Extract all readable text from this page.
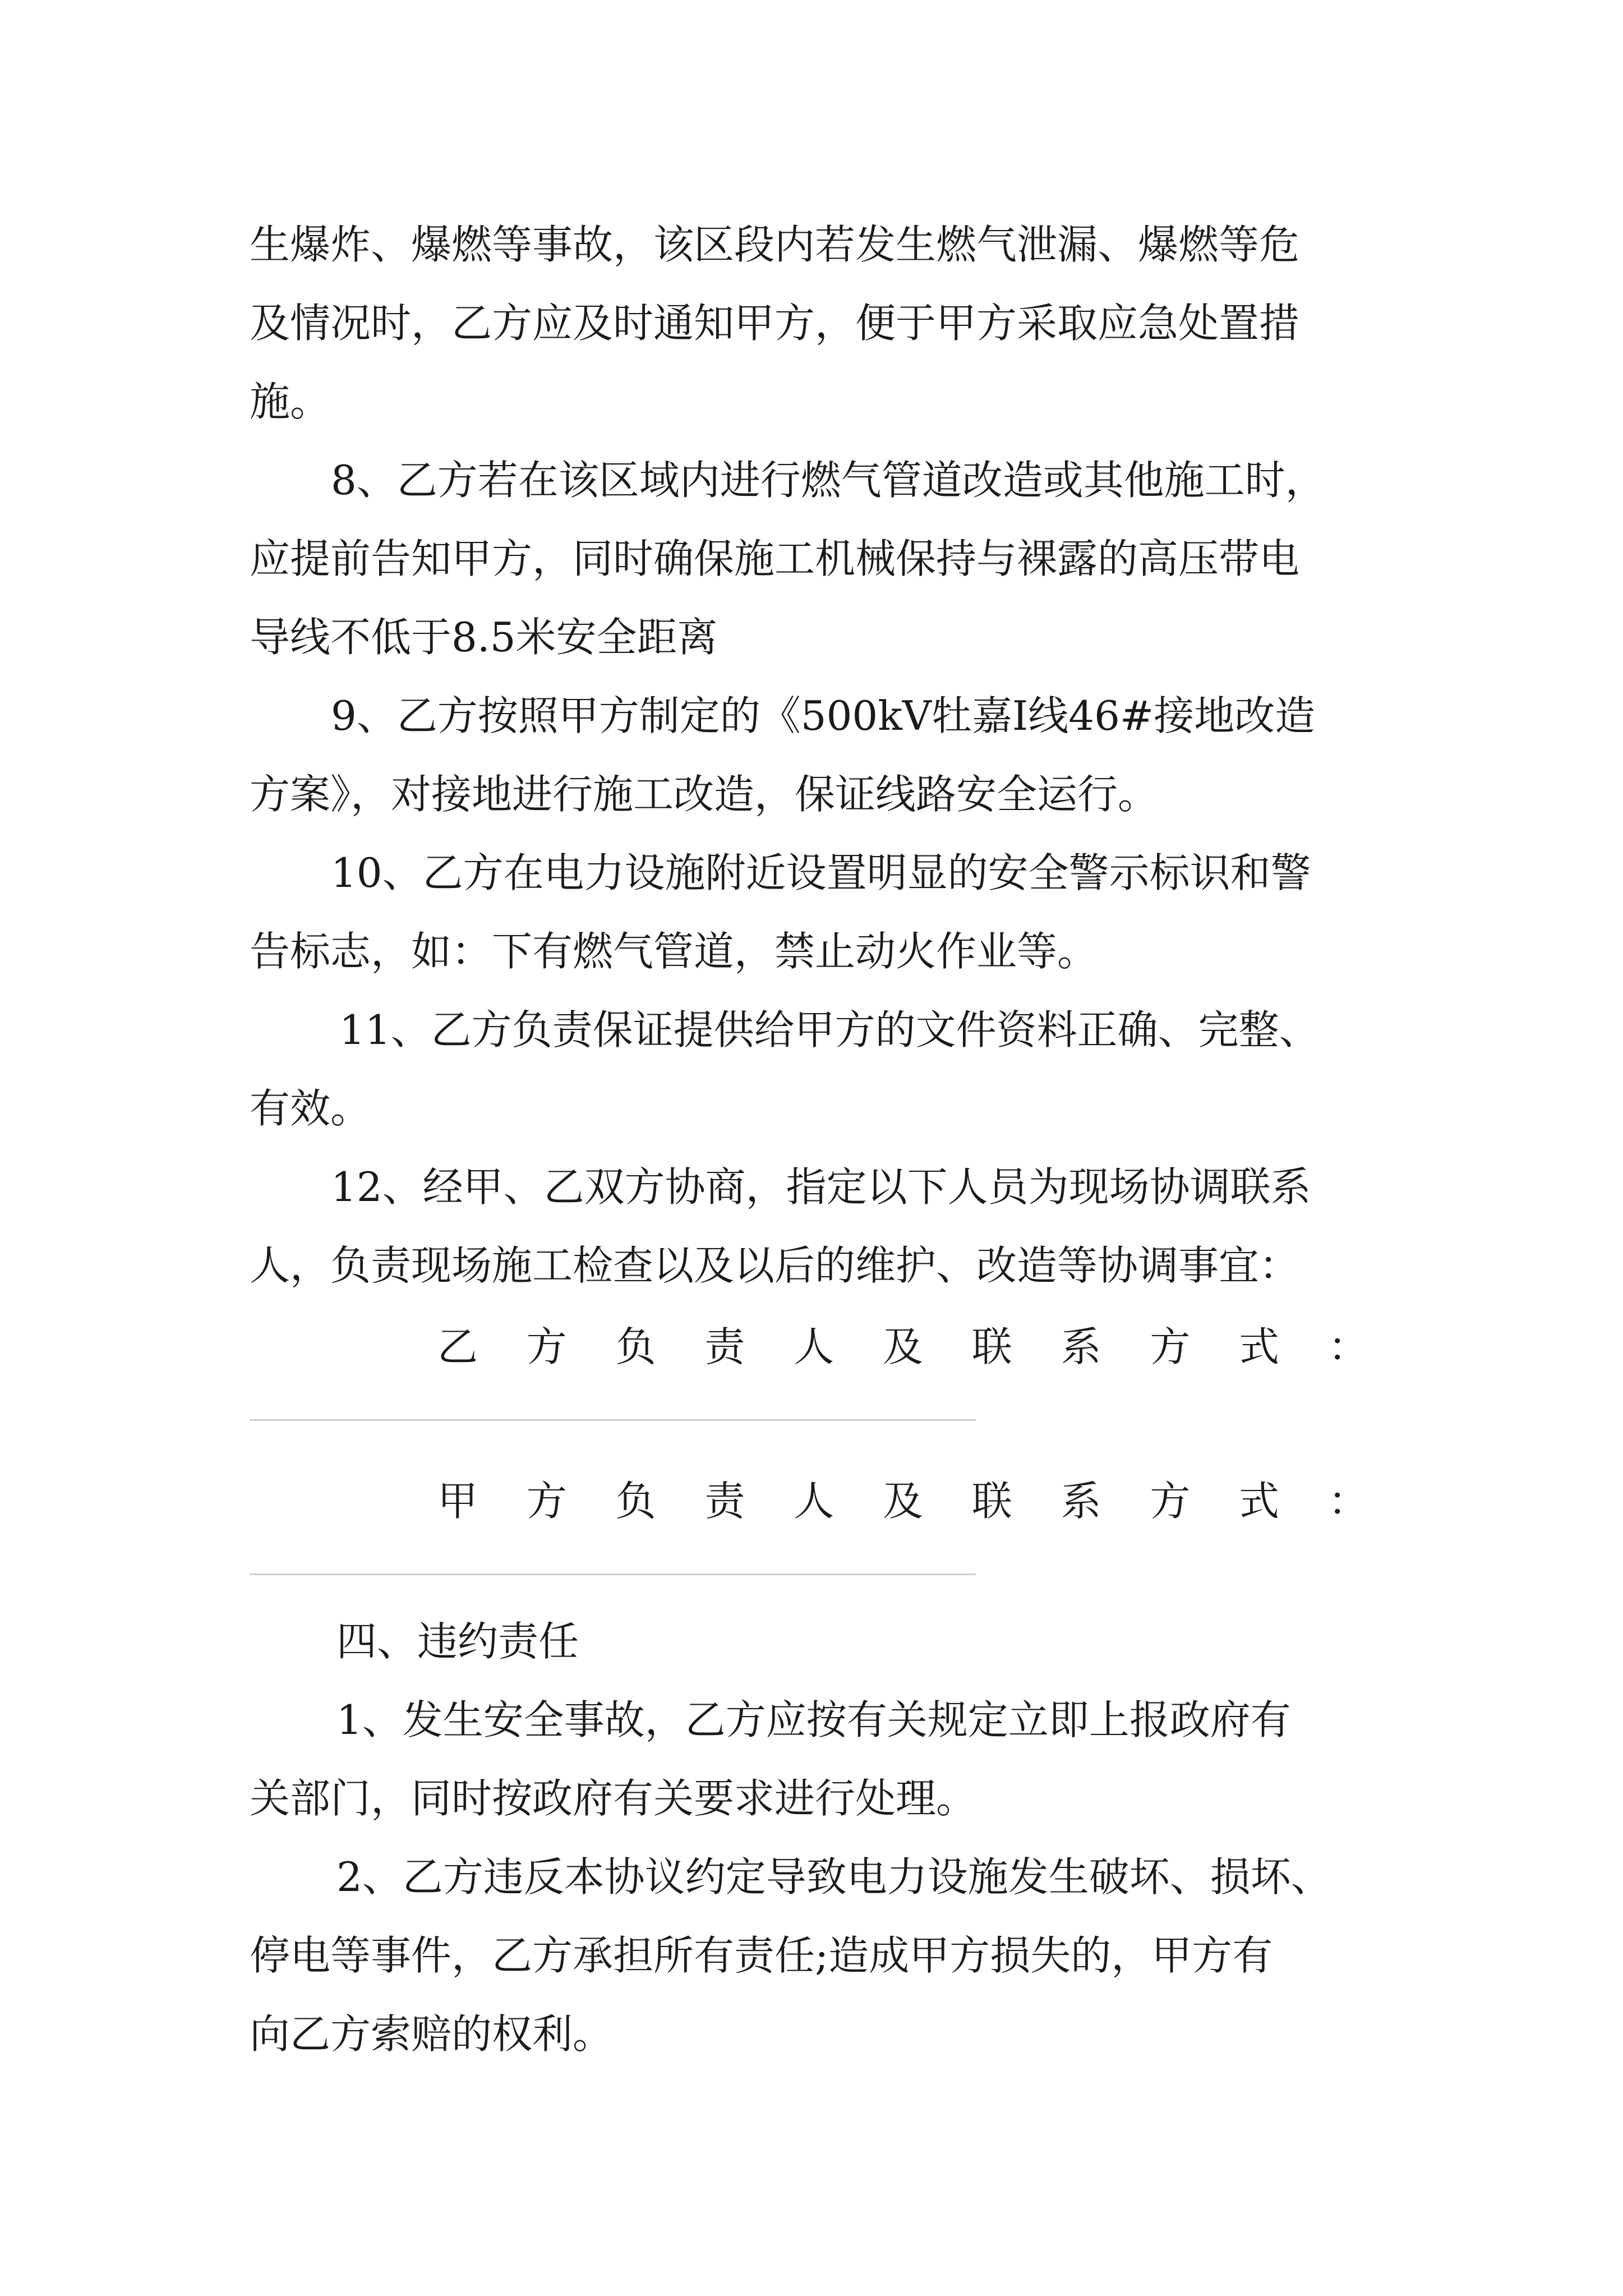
生爆炸、爆燃等事故，该区段内若发生燃气泄漏、爆燃等危
及情况时，乙方应及时通知甲方，便于甲方采取应急处置措
施。
8、乙方若在该区域内进行燃气管道改造或其他施工时，
应提前告知甲方，同时确保施工机械保持与裸露的高压带电
导线不低于8.5米安全距离
9、乙方按照甲方制定的《500kV牡嘉Ⅰ线46#接地改造
方案》，对接地进行施工改造，保证线路安全运行。
10、乙方在电力设施附近设置明显的安全警示标识和警
告标志，如：下有燃气管道，禁止动火作业等。
11、乙方负责保证提供给甲方的文件资料正确、完整、
有效。
12、经甲、乙双方协商，指定以下人员为现场协调联系
人，负责现场施工检查以及以后的维护、改造等协调事宜：
乙 方 负 责 人 及 联 系 方 式 ：
甲 方 负 责 人 及 联 系 方 式 ：
四、违约责任
1、发生安全事故，乙方应按有关规定立即上报政府有
关部门，同时按政府有关要求进行处理。
2、乙方违反本协议约定导致电力设施发生破坏、损坏、
停电等事件，乙方承担所有责任;造成甲方损失的，甲方有
向乙方索赔的权利。
